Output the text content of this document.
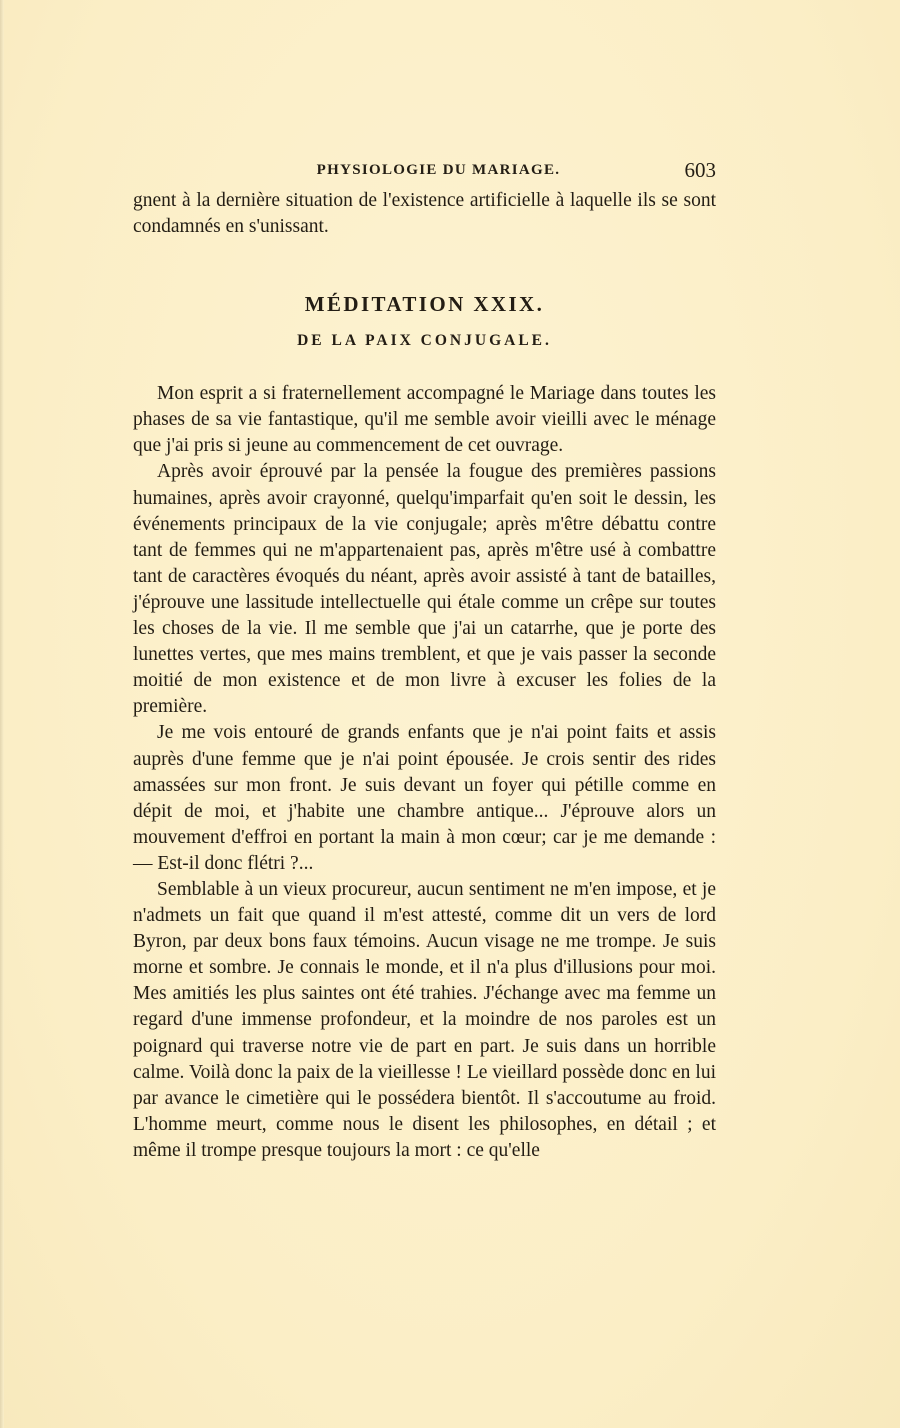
PHYSIOLOGIE DU MARIAGE.	603

gnent à la dernière situation de l'existence artificielle à laquelle ils se sont condamnés en s'unissant.

MÉDITATION XXIX.
DE LA PAIX CONJUGALE.

Mon esprit a si fraternellement accompagné le Mariage dans toutes les phases de sa vie fantastique, qu'il me semble avoir vieilli avec le ménage que j'ai pris si jeune au commencement de cet ouvrage.

Après avoir éprouvé par la pensée la fougue des premières passions humaines, après avoir crayonné, quelqu'imparfait qu'en soit le dessin, les événements principaux de la vie conjugale; après m'être débattu contre tant de femmes qui ne m'appartenaient pas, après m'être usé à combattre tant de caractères évoqués du néant, après avoir assisté à tant de batailles, j'éprouve une lassitude intellectuelle qui étale comme un crêpe sur toutes les choses de la vie. Il me semble que j'ai un catarrhe, que je porte des lunettes vertes, que mes mains tremblent, et que je vais passer la seconde moitié de mon existence et de mon livre à excuser les folies de la première.

Je me vois entouré de grands enfants que je n'ai point faits et assis auprès d'une femme que je n'ai point épousée. Je crois sentir des rides amassées sur mon front. Je suis devant un foyer qui pétille comme en dépit de moi, et j'habite une chambre antique... J'éprouve alors un mouvement d'effroi en portant la main à mon cœur; car je me demande : — Est-il donc flétri ?...

Semblable à un vieux procureur, aucun sentiment ne m'en impose, et je n'admets un fait que quand il m'est attesté, comme dit un vers de lord Byron, par deux bons faux témoins. Aucun visage ne me trompe. Je suis morne et sombre. Je connais le monde, et il n'a plus d'illusions pour moi. Mes amitiés les plus saintes ont été trahies. J'échange avec ma femme un regard d'une immense profondeur, et la moindre de nos paroles est un poignard qui traverse notre vie de part en part. Je suis dans un horrible calme. Voilà donc la paix de la vieillesse ! Le vieillard possède donc en lui par avance le cimetière qui le possédera bientôt. Il s'accoutume au froid. L'homme meurt, comme nous le disent les philosophes, en détail ; et même il trompe presque toujours la mort : ce qu'elle
